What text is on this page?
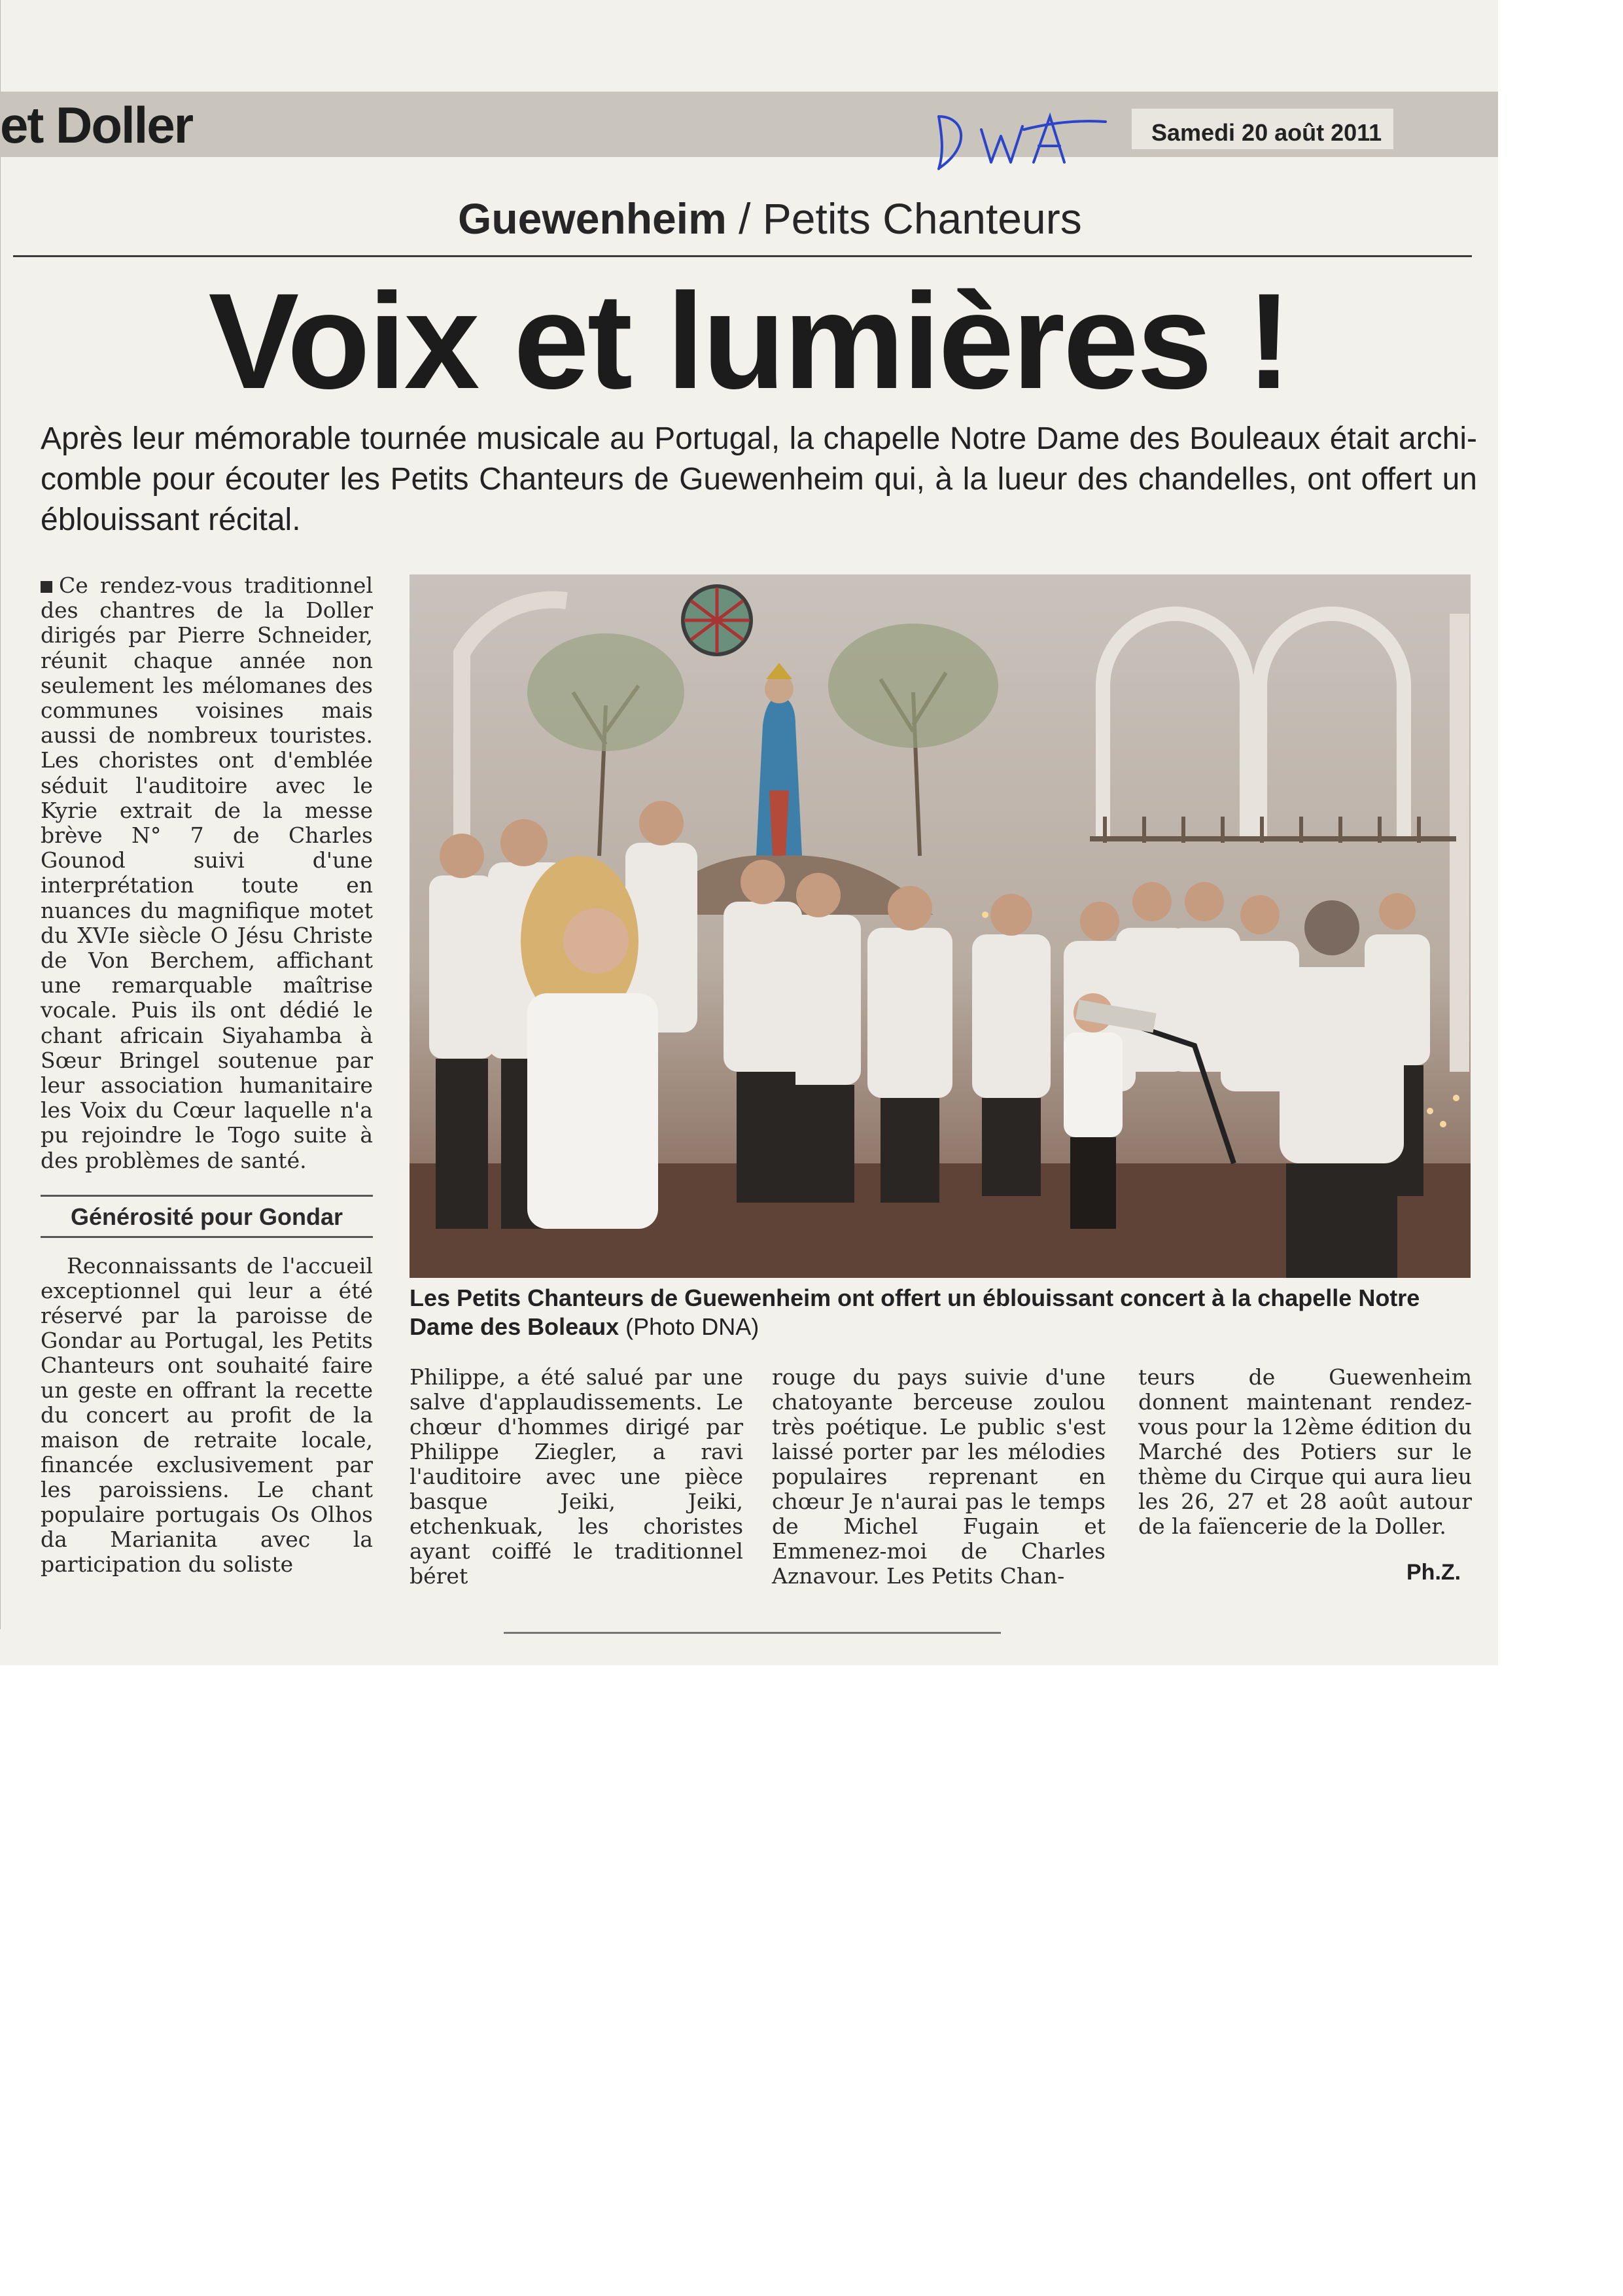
et Doller	Samedi 20 août 2011
Guewenheim / Petits Chanteurs
Voix et lumières !
Après leur mémorable tournée musicale au Portugal, la chapelle Notre Dame des Bouleaux était archi-comble pour écouter les Petits Chanteurs de Guewenheim qui, à la lueur des chandelles, ont offert un éblouissant récital.
Ce rendez-vous traditionnel des chantres de la Doller dirigés par Pierre Schneider, réunit chaque année non seulement les mélomanes des communes voisines mais aussi de nombreux touristes. Les choristes ont d'emblée séduit l'auditoire avec le Kyrie extrait de la messe brève N° 7 de Charles Gounod suivi d'une interprétation toute en nuances du magnifique motet du XVIe siècle O Jésu Christe de Von Berchem, affichant une remarquable maîtrise vocale. Puis ils ont dédié le chant africain Siyahamba à Sœur Bringel soutenue par leur association humanitaire les Voix du Cœur laquelle n'a pu rejoindre le Togo suite à des problèmes de santé.
Générosité pour Gondar
Reconnaissants de l'accueil exceptionnel qui leur a été réservé par la paroisse de Gondar au Portugal, les Petits Chanteurs ont souhaité faire un geste en offrant la recette du concert au profit de la maison de retraite locale, financée exclusivement par les paroissiens. Le chant populaire portugais Os Olhos da Marianita avec la participation du soliste
Les Petits Chanteurs de Guewenheim ont offert un éblouissant concert à la chapelle Notre Dame des Boleaux (Photo DNA)
Philippe, a été salué par une salve d'applaudissements. Le chœur d'hommes dirigé par Philippe Ziegler, a ravi l'auditoire avec une pièce basque Jeiki, Jeiki, etchenkuak, les choristes ayant coiffé le traditionnel béret
rouge du pays suivie d'une chatoyante berceuse zoulou très poétique. Le public s'est laissé porter par les mélodies populaires reprenant en chœur Je n'aurai pas le temps de Michel Fugain et Emmenez-moi de Charles Aznavour. Les Petits Chan-
teurs de Guewenheim donnent maintenant rendez-vous pour la 12ème édition du Marché des Potiers sur le thème du Cirque qui aura lieu les 26, 27 et 28 août autour de la faïencerie de la Doller.
Ph.Z.
